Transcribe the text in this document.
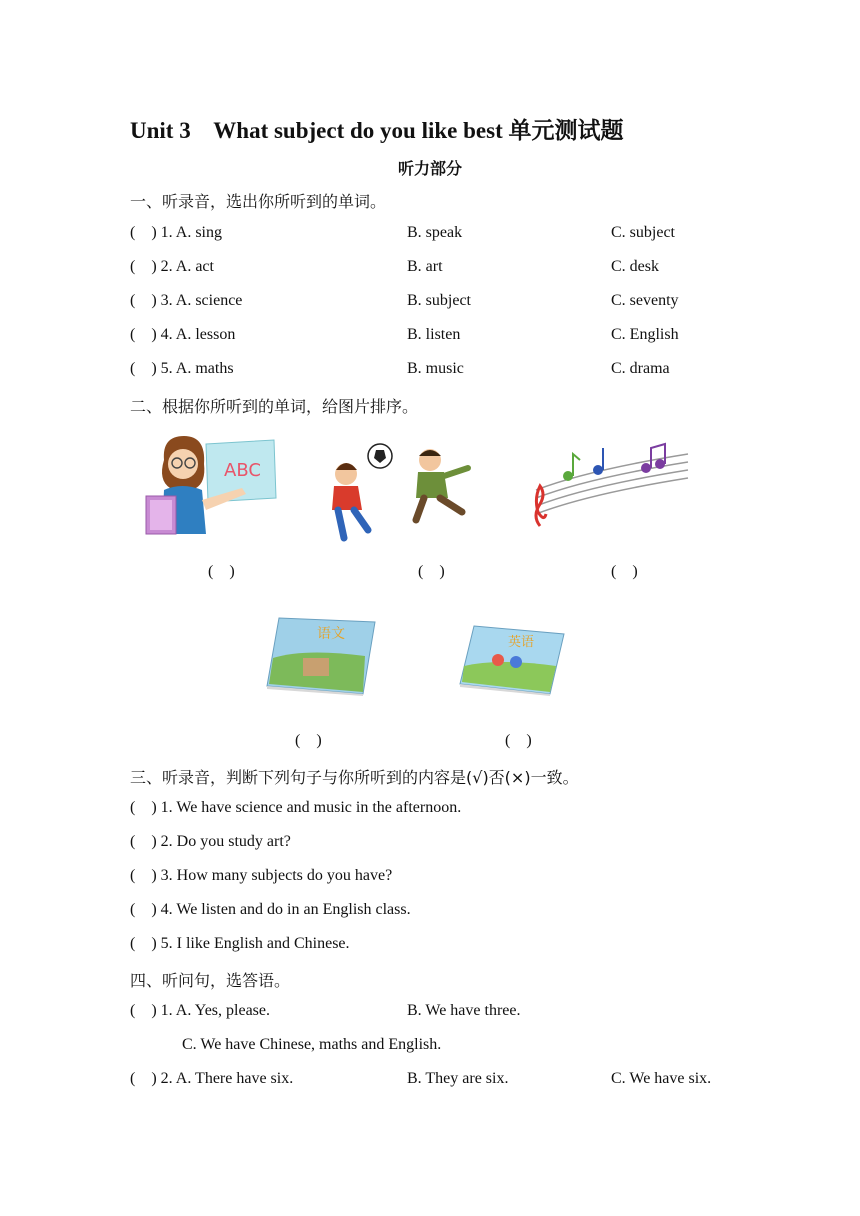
Unit 3    What subject do you like best 单元测试题
听力部分
一、听录音，选出你所听到的单词。
(    ) 1. A. sing	B. speak	C. subject
(    ) 2. A. act	B. art	C. desk
(    ) 3. A. science	B. subject	C. seventy
(    ) 4. A. lesson	B. listen	C. English
(    ) 5. A. maths	B. music	C. drama
二、根据你所听到的单词，给图片排序。
ABC
(    )	(    )	(    )
语文
英语
(    )	(    )
三、听录音，判断下列句子与你所听到的内容是(√)否(×)一致。
(    ) 1. We have science and music in the afternoon.
(    ) 2. Do you study art?
(    ) 3. How many subjects do you have?
(    ) 4. We listen and do in an English class.
(    ) 5. I like English and Chinese.
四、听问句，选答语。
(    ) 1. A. Yes, please.	B. We have three.
C. We have Chinese, maths and English.
(    ) 2. A. There have six.	B. They are six.	C. We have six.
